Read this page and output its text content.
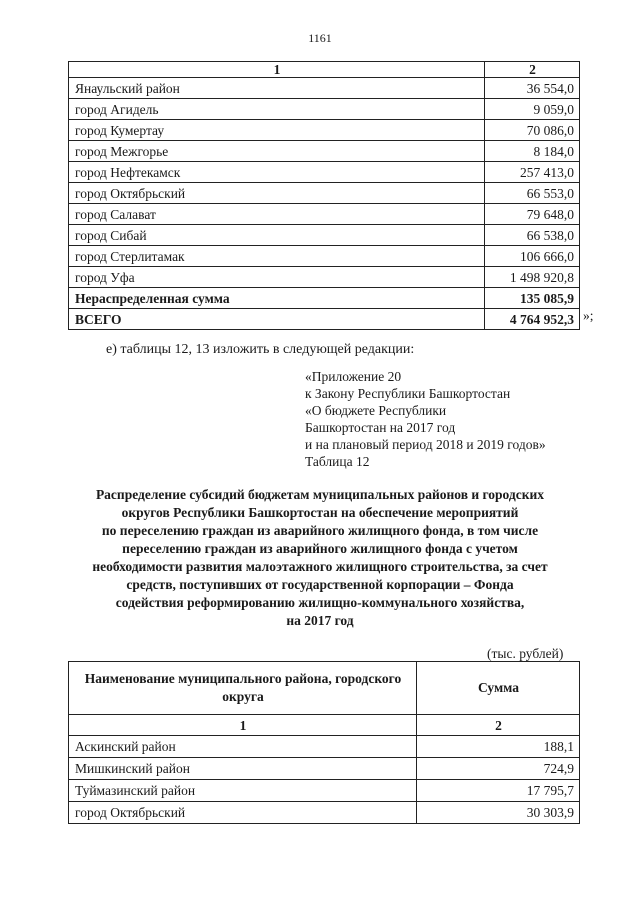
1161
1	2
Янаульский район	36 554,0
город Агидель	9 059,0
город Кумертау	70 086,0
город Межгорье	8 184,0
город Нефтекамск	257 413,0
город Октябрьский	66 553,0
город Салават	79 648,0
город Сибай	66 538,0
город Стерлитамак	106 666,0
город Уфа	1 498 920,8
Нераспределенная сумма	135 085,9
ВСЕГО	4 764 952,3 »;
е) таблицы 12, 13 изложить в следующей редакции:
«Приложение 20
к Закону Республики Башкортостан
«О бюджете Республики
Башкортостан на 2017 год
и на плановый период 2018 и 2019 годов»
Таблица 12
Распределение субсидий бюджетам муниципальных районов и городских
округов Республики Башкортостан на обеспечение мероприятий
по переселению граждан из аварийного жилищного фонда, в том числе
переселению граждан из аварийного жилищного фонда с учетом
необходимости развития малоэтажного жилищного строительства, за счет
средств, поступивших от государственной корпорации – Фонда
содействия реформированию жилищно-коммунального хозяйства,
на 2017 год
(тыс. рублей)
Наименование муниципального района, городского округа	Сумма
1	2
Аскинский район	188,1
Мишкинский район	724,9
Туймазинский район	17 795,7
город Октябрьский	30 303,9
